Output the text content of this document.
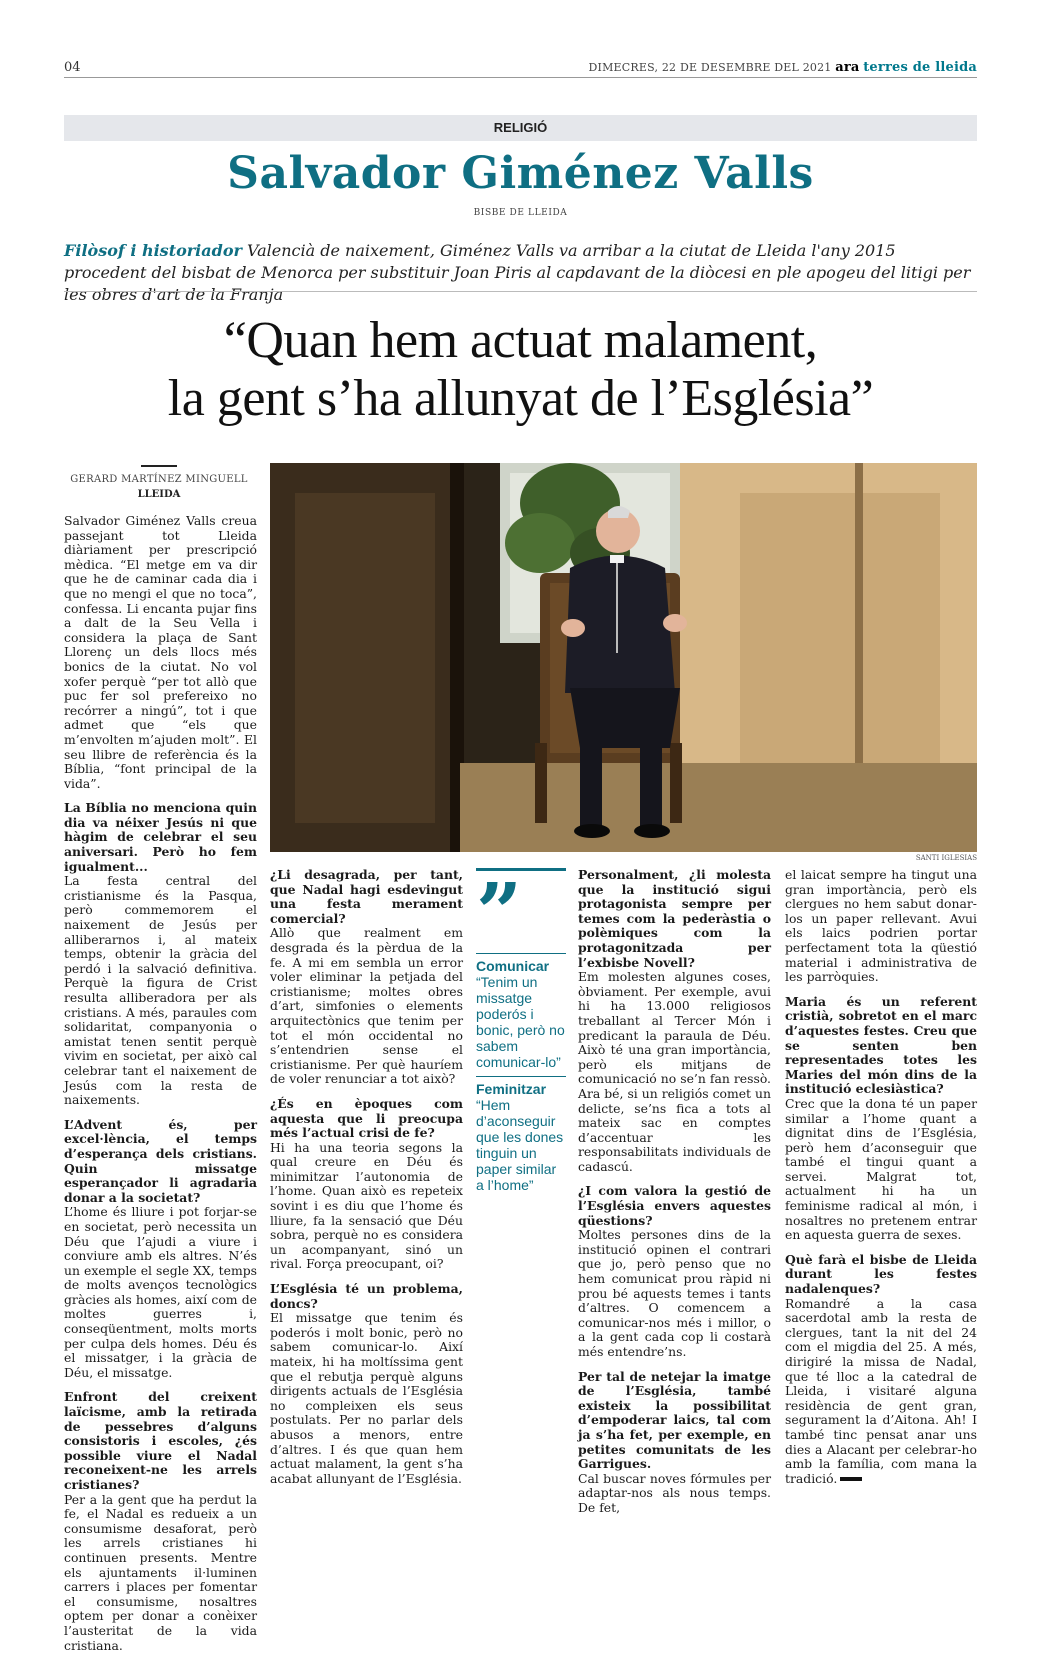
04	DIMECRES, 22 DE DESEMBRE DEL 2021 ara terres de lleida
RELIGIÓ
Salvador Giménez Valls
BISBE DE LLEIDA
Filòsof i historiador Valencià de naixement, Giménez Valls va arribar a la ciutat de Lleida l'any 2015 procedent del bisbat de Menorca per substituir Joan Piris al capdavant de la diòcesi en ple apogeu del litigi per les obres d'art de la Franja
“Quan hem actuat malament,
la gent s’ha allunyat de l’Església”
GERARD MARTÍNEZ MINGUELL
LLEIDA
SANTI IGLESIAS

Salvador Giménez Valls creua passejant tot Lleida diàriament per prescripció mèdica. “El metge em va dir que he de caminar cada dia i que no mengi el que no toca”, confessa. Li encanta pujar fins a dalt de la Seu Vella i considera la plaça de Sant Llorenç un dels llocs més bonics de la ciutat. No vol xofer perquè “per tot allò que puc fer sol prefereixo no recórrer a ningú”, tot i que admet que “els que m’envolten m’ajuden molt”. El seu llibre de referència és la Bíblia, “font principal de la vida”.

La Bíblia no menciona quin dia va néixer Jesús ni que hàgim de celebrar el seu aniversari. Però ho fem igualment...

La festa central del cristianisme és la Pasqua, però commemorem el naixement de Jesús per alliberarnos i, al mateix temps, obtenir la gràcia del perdó i la salvació definitiva. Perquè la figura de Crist resulta alliberadora per als cristians. A més, paraules com solidaritat, companyonia o amistat tenen sentit perquè vivim en societat, per això cal celebrar tant el naixement de Jesús com la resta de naixements.

L’Advent és, per excel·lència, el temps d’esperança dels cristians. Quin missatge esperançador li agradaria donar a la societat?

L’home és lliure i pot forjar-se en societat, però necessita un Déu que l’ajudi a viure i conviure amb els altres. N’és un exemple el segle XX, temps de molts avenços tecnològics gràcies als homes, així com de moltes guerres i, conseqüentment, molts morts per culpa dels homes. Déu és el missatger, i la gràcia de Déu, el missatge.

Enfront del creixent laïcisme, amb la retirada de pessebres d’alguns consistoris i escoles, ¿és possible viure el Nadal reconeixent-ne les arrels cristianes?

Per a la gent que ha perdut la fe, el Nadal es redueix a un consumisme desaforat, però les arrels cristianes hi continuen presents. Mentre els ajuntaments il·luminen carrers i places per fomentar el consumisme, nosaltres optem per donar a conèixer l’austeritat de la vida cristiana.

¿Li desagrada, per tant, que Nadal hagi esdevingut una festa merament comercial?

Allò que realment em desgrada és la pèrdua de la fe. A mi em sembla un error voler eliminar la petjada del cristianisme; moltes obres d’art, simfonies o elements arquitectònics que tenim per tot el món occidental no s’entendrien sense el cristianisme. Per què hauríem de voler renunciar a tot això?

¿És en èpoques com aquesta que li preocupa més l’actual crisi de fe?

Hi ha una teoria segons la qual creure en Déu és minimitzar l’autonomia de l’home. Quan això es repeteix sovint i es diu que l’home és lliure, fa la sensació que Déu sobra, perquè no es considera un acompanyant, sinó un rival. Força preocupant, oi?

L’Església té un problema, doncs?

El missatge que tenim és poderós i molt bonic, però no sabem comunicar-lo. Així mateix, hi ha moltíssima gent que el rebutja perquè alguns dirigents actuals de l’Església no compleixen els seus postulats. Per no parlar dels abusos a menors, entre d’altres. I és que quan hem actuat malament, la gent s’ha acabat allunyant de l’Església.

”
Comunicar
“Tenim un missatge poderós i bonic, però no sabem comunicar-lo”
Feminitzar
“Hem d’aconseguir que les dones tinguin un paper similar a l’home”
Personalment, ¿li molesta que la institució sigui protagonista sempre per temes com la pederàstia o polèmiques com la protagonitzada per l’exbisbe Novell?

Em molesten algunes coses, òbviament. Per exemple, avui hi ha 13.000 religiosos treballant al Tercer Món i predicant la paraula de Déu. Això té una gran importància, però els mitjans de comunicació no se’n fan ressò. Ara bé, si un religiós comet un delicte, se’ns fica a tots al mateix sac en comptes d’accentuar les responsabilitats individuals de cadascú.

¿I com valora la gestió de l’Església envers aquestes qüestions?

Moltes persones dins de la institució opinen el contrari que jo, però penso que no hem comunicat prou ràpid ni prou bé aquests temes i tants d’altres. O comencem a comunicar-nos més i millor, o a la gent cada cop li costarà més entendre’ns.

Per tal de netejar la imatge de l’Església, també existeix la possibilitat d’empoderar laics, tal com ja s’ha fet, per exemple, en petites comunitats de les Garrigues.

Cal buscar noves fórmules per adaptar-nos als nous temps. De fet,

el laicat sempre ha tingut una gran importància, però els clergues no hem sabut donar-los un paper rellevant. Avui els laics podrien portar perfectament tota la qüestió material i administrativa de les parròquies.

Maria és un referent cristià, sobretot en el marc d’aquestes festes. Creu que se senten ben representades totes les Maries del món dins de la institució eclesiàstica?

Crec que la dona té un paper similar a l’home quant a dignitat dins de l’Església, però hem d’aconseguir que també el tingui quant a servei. Malgrat tot, actualment hi ha un feminisme radical al món, i nosaltres no pretenem entrar en aquesta guerra de sexes.

Què farà el bisbe de Lleida durant les festes nadalenques?

Romandré a la casa sacerdotal amb la resta de clergues, tant la nit del 24 com el migdia del 25. A més, dirigiré la missa de Nadal, que té lloc a la catedral de Lleida, i visitaré alguna residència de gent gran, segurament la d’Aitona. Ah! I també tinc pensat anar uns dies a Alacant per celebrar-ho amb la família, com mana la tradició.
